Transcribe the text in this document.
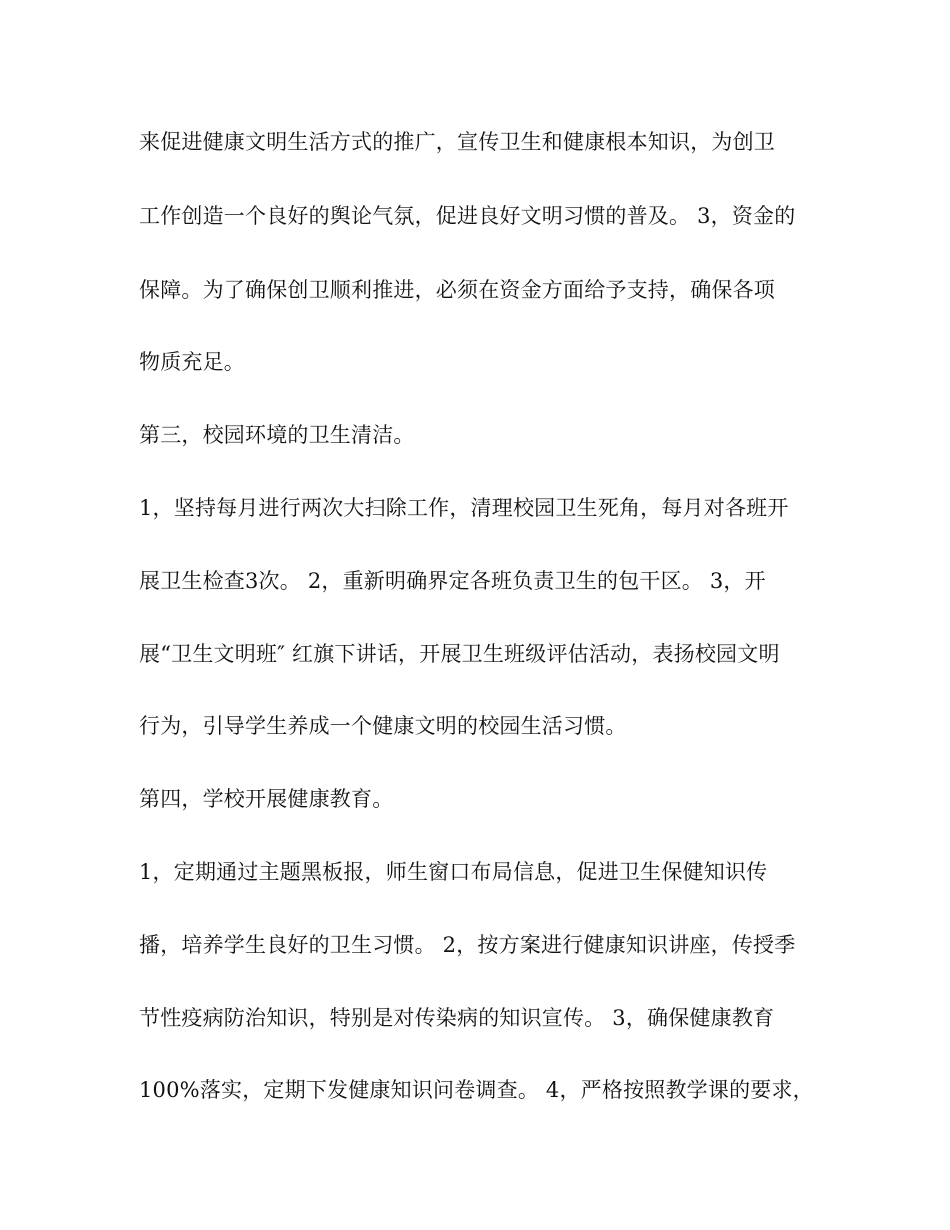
来促进健康文明生活方式的推广，宣传卫生和健康根本知识，为创卫
工作创造一个良好的舆论气氛，促进良好文明习惯的普及。 3，资金的
保障。为了确保创卫顺利推进，必须在资金方面给予支持，确保各项
物质充足。
第三，校园环境的卫生清洁。
1，坚持每月进行两次大扫除工作，清理校园卫生死角，每月对各班开
展卫生检查3次。 2，重新明确界定各班负责卫生的包干区。 3，开
展“卫生文明班″ 红旗下讲话，开展卫生班级评估活动，表扬校园文明
行为，引导学生养成一个健康文明的校园生活习惯。
第四，学校开展健康教育。
1，定期通过主题黑板报，师生窗口布局信息，促进卫生保健知识传
播，培养学生良好的卫生习惯。 2，按方案进行健康知识讲座，传授季
节性疫病防治知识，特别是对传染病的知识宣传。 3，确保健康教育
100%落实，定期下发健康知识问卷调查。 4，严格按照教学课的要求，
